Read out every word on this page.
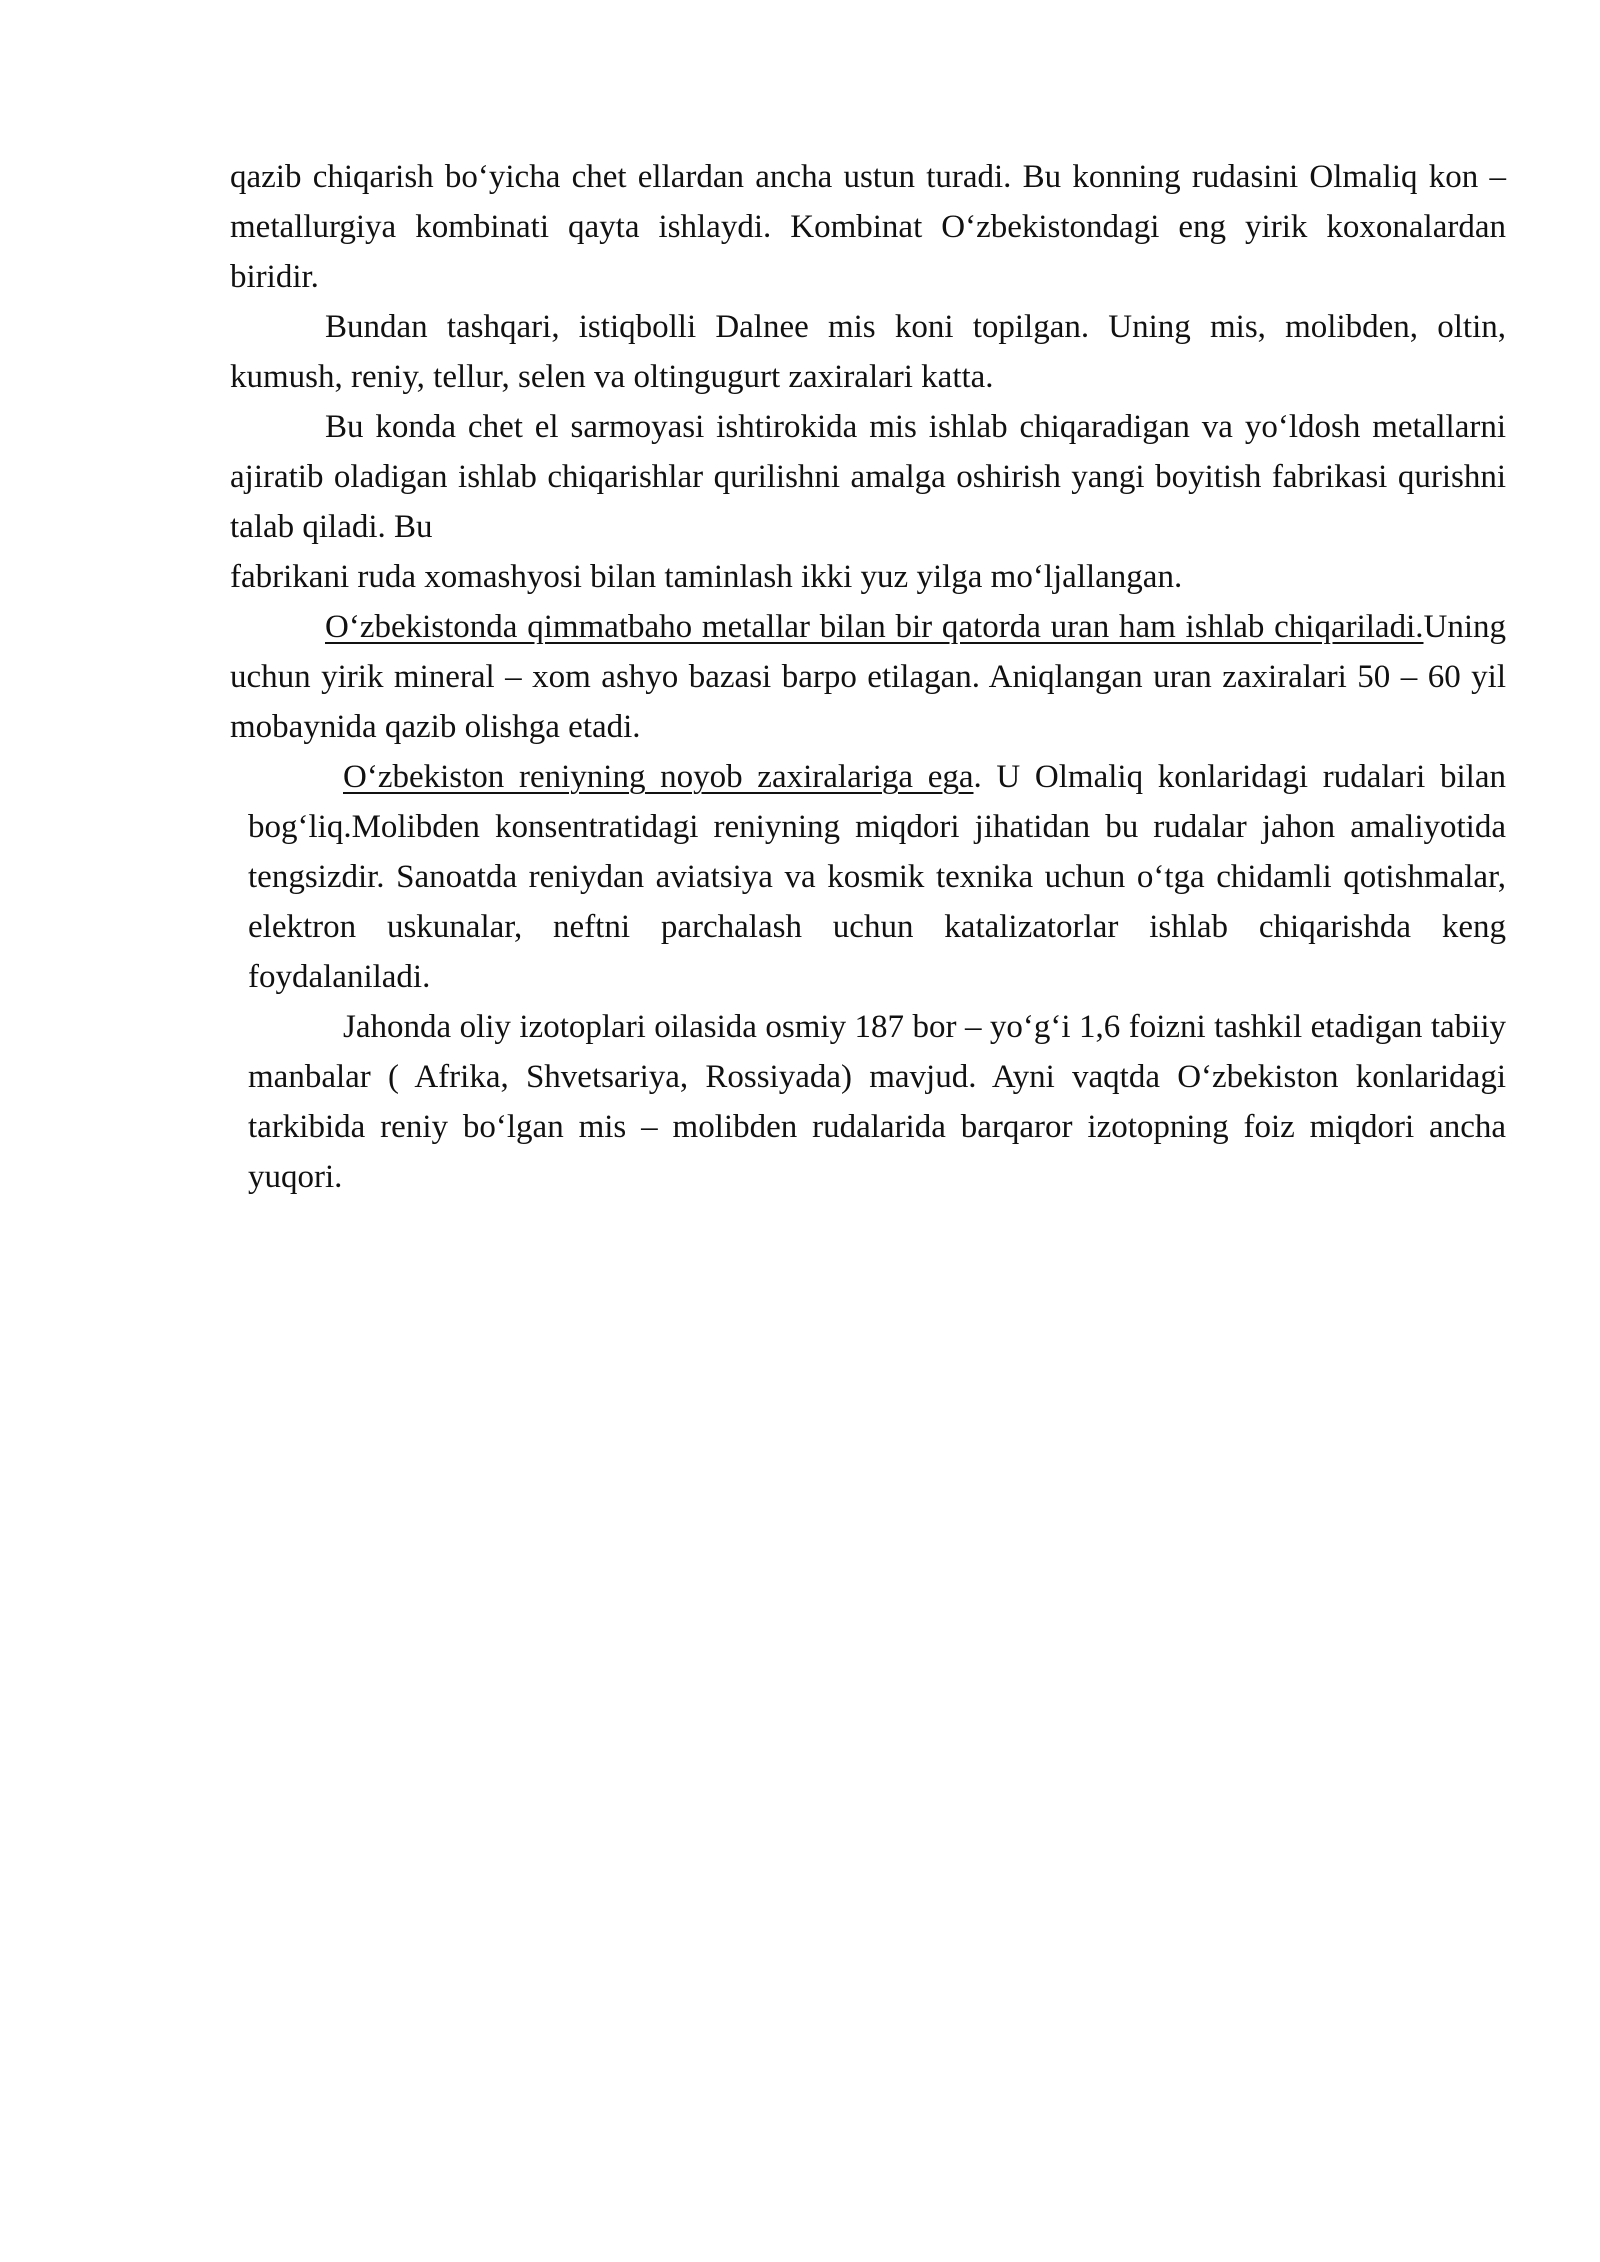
qazib chiqarish bo‘yicha chet ellardan ancha ustun turadi. Bu konning rudasini Olmaliq kon – metallurgiya kombinati qayta ishlaydi. Kombinat O‘zbekistondagi eng yirik koxonalardan biridir.

Bundan tashqari, istiqbolli Dalnee mis koni topilgan. Uning mis, molibden, oltin, kumush, reniy, tellur, selen va oltingugurt zaxiralari katta.

Bu konda chet el sarmoyasi ishtirokida mis ishlab chiqaradigan va yo‘ldosh metallarni ajiratib oladigan ishlab chiqarishlar qurilishni amalga oshirish yangi boyitish fabrikasi qurishni talab qiladi. Bu

fabrikani ruda xomashyosi bilan taminlash ikki yuz yilga mo‘ljallangan.

O‘zbekistonda qimmatbaho metallar bilan bir qatorda uran ham ishlab chiqariladi.Uning uchun yirik mineral – xom ashyo bazasi barpo etilagan. Aniqlangan uran zaxiralari 50 – 60 yil mobaynida qazib olishga etadi.

O‘zbekiston reniyning noyob zaxiralariga ega. U Olmaliq konlaridagi rudalari bilan bog‘liq.Molibden konsentratidagi reniyning miqdori jihatidan bu rudalar jahon amaliyotida tengsizdir. Sanoatda reniydan aviatsiya va kosmik texnika uchun o‘tga chidamli qotishmalar, elektron uskunalar, neftni parchalash uchun katalizatorlar ishlab chiqarishda keng foydalaniladi.

Jahonda oliy izotoplari oilasida osmiy 187 bor – yo‘g‘i 1,6 foizni tashkil etadigan tabiiy manbalar ( Afrika, Shvetsariya, Rossiyada) mavjud. Ayni vaqtda O‘zbekiston konlaridagi tarkibida reniy bo‘lgan mis – molibden rudalarida barqaror izotopning foiz miqdori ancha yuqori.
